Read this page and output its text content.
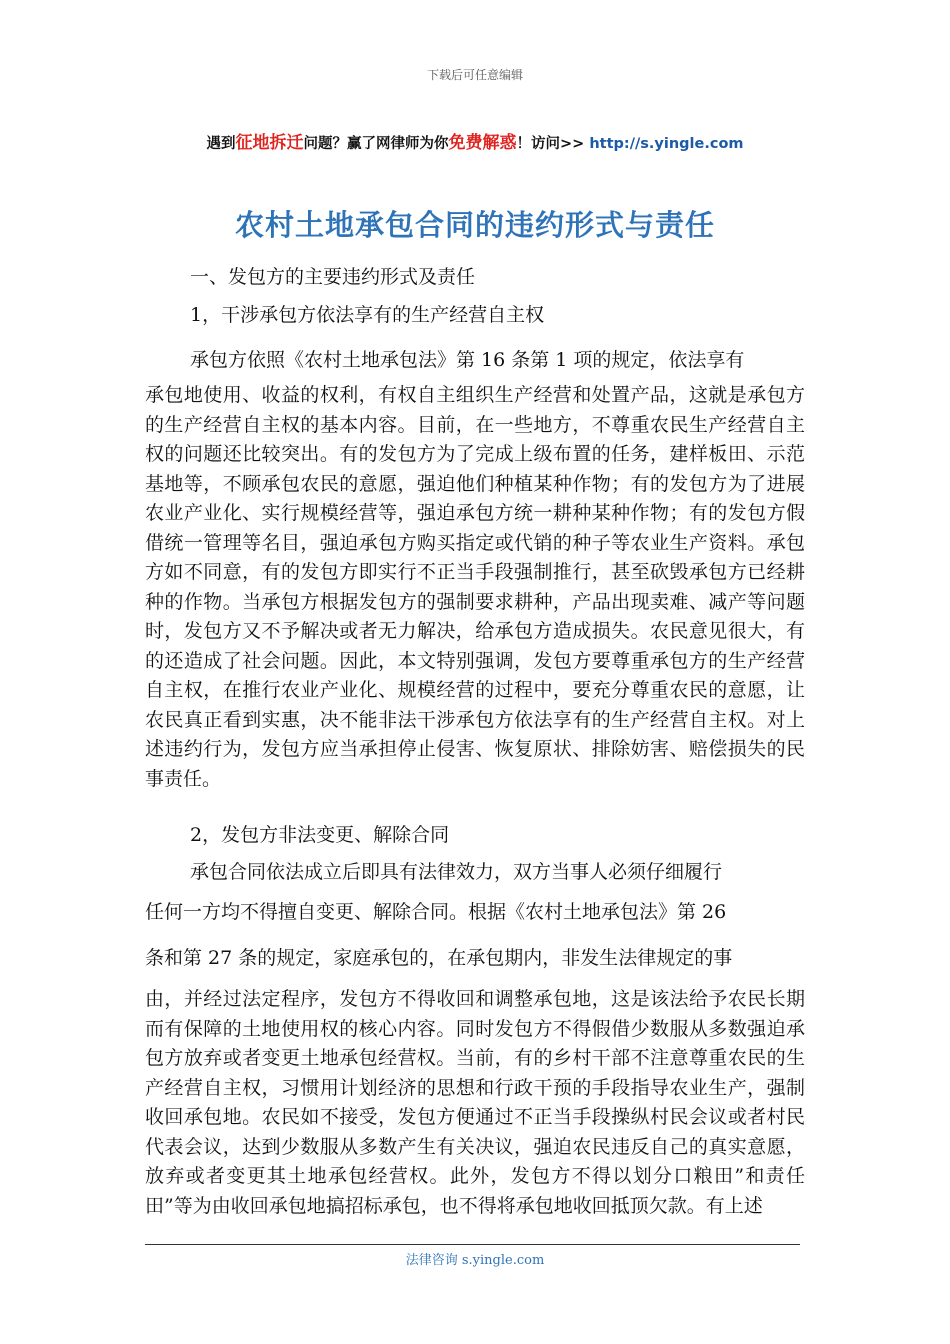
下载后可任意编辑
遇到征地拆迁问题？赢了网律师为你免费解惑！访问>> http://s.yingle.com
农村土地承包合同的违约形式与责任
一、发包方的主要违约形式及责任
1，干涉承包方依法享有的生产经营自主权
承包方依照《农村土地承包法》第 16 条第 1 项的规定，依法享有
承包地使用、收益的权利，有权自主组织生产经营和处置产品，这就是承包方的生产经营自主权的基本内容。目前，在一些地方，不尊重农民生产经营自主权的问题还比较突出。有的发包方为了完成上级布置的任务，建样板田、示范基地等，不顾承包农民的意愿，强迫他们种植某种作物；有的发包方为了进展农业产业化、实行规模经营等，强迫承包方统一耕种某种作物；有的发包方假借统一管理等名目，强迫承包方购买指定或代销的种子等农业生产资料。承包方如不同意，有的发包方即实行不正当手段强制推行，甚至砍毁承包方已经耕种的作物。当承包方根据发包方的强制要求耕种，产品出现卖难、减产等问题时，发包方又不予解决或者无力解决，给承包方造成损失。农民意见很大，有的还造成了社会问题。因此，本文特别强调，发包方要尊重承包方的生产经营自主权，在推行农业产业化、规模经营的过程中，要充分尊重农民的意愿，让农民真正看到实惠，决不能非法干涉承包方依法享有的生产经营自主权。对上述违约行为，发包方应当承担停止侵害、恢复原状、排除妨害、赔偿损失的民事责任。
2，发包方非法变更、解除合同
承包合同依法成立后即具有法律效力，双方当事人必须仔细履行
任何一方均不得擅自变更、解除合同。根据《农村土地承包法》第 26
条和第 27 条的规定，家庭承包的，在承包期内，非发生法律规定的事
由，并经过法定程序，发包方不得收回和调整承包地，这是该法给予农民长期而有保障的土地使用权的核心内容。同时发包方不得假借少数服从多数强迫承包方放弃或者变更土地承包经营权。当前，有的乡村干部不注意尊重农民的生产经营自主权，习惯用计划经济的思想和行政干预的手段指导农业生产，强制收回承包地。农民如不接受，发包方便通过不正当手段操纵村民会议或者村民代表会议，达到少数服从多数产生有关决议，强迫农民违反自己的真实意愿，放弃或者变更其土地承包经营权。此外，发包方不得以划分口粮田”和责任田”等为由收回承包地搞招标承包，也不得将承包地收回抵顶欠款。有上述
法律咨询 s.yingle.com
